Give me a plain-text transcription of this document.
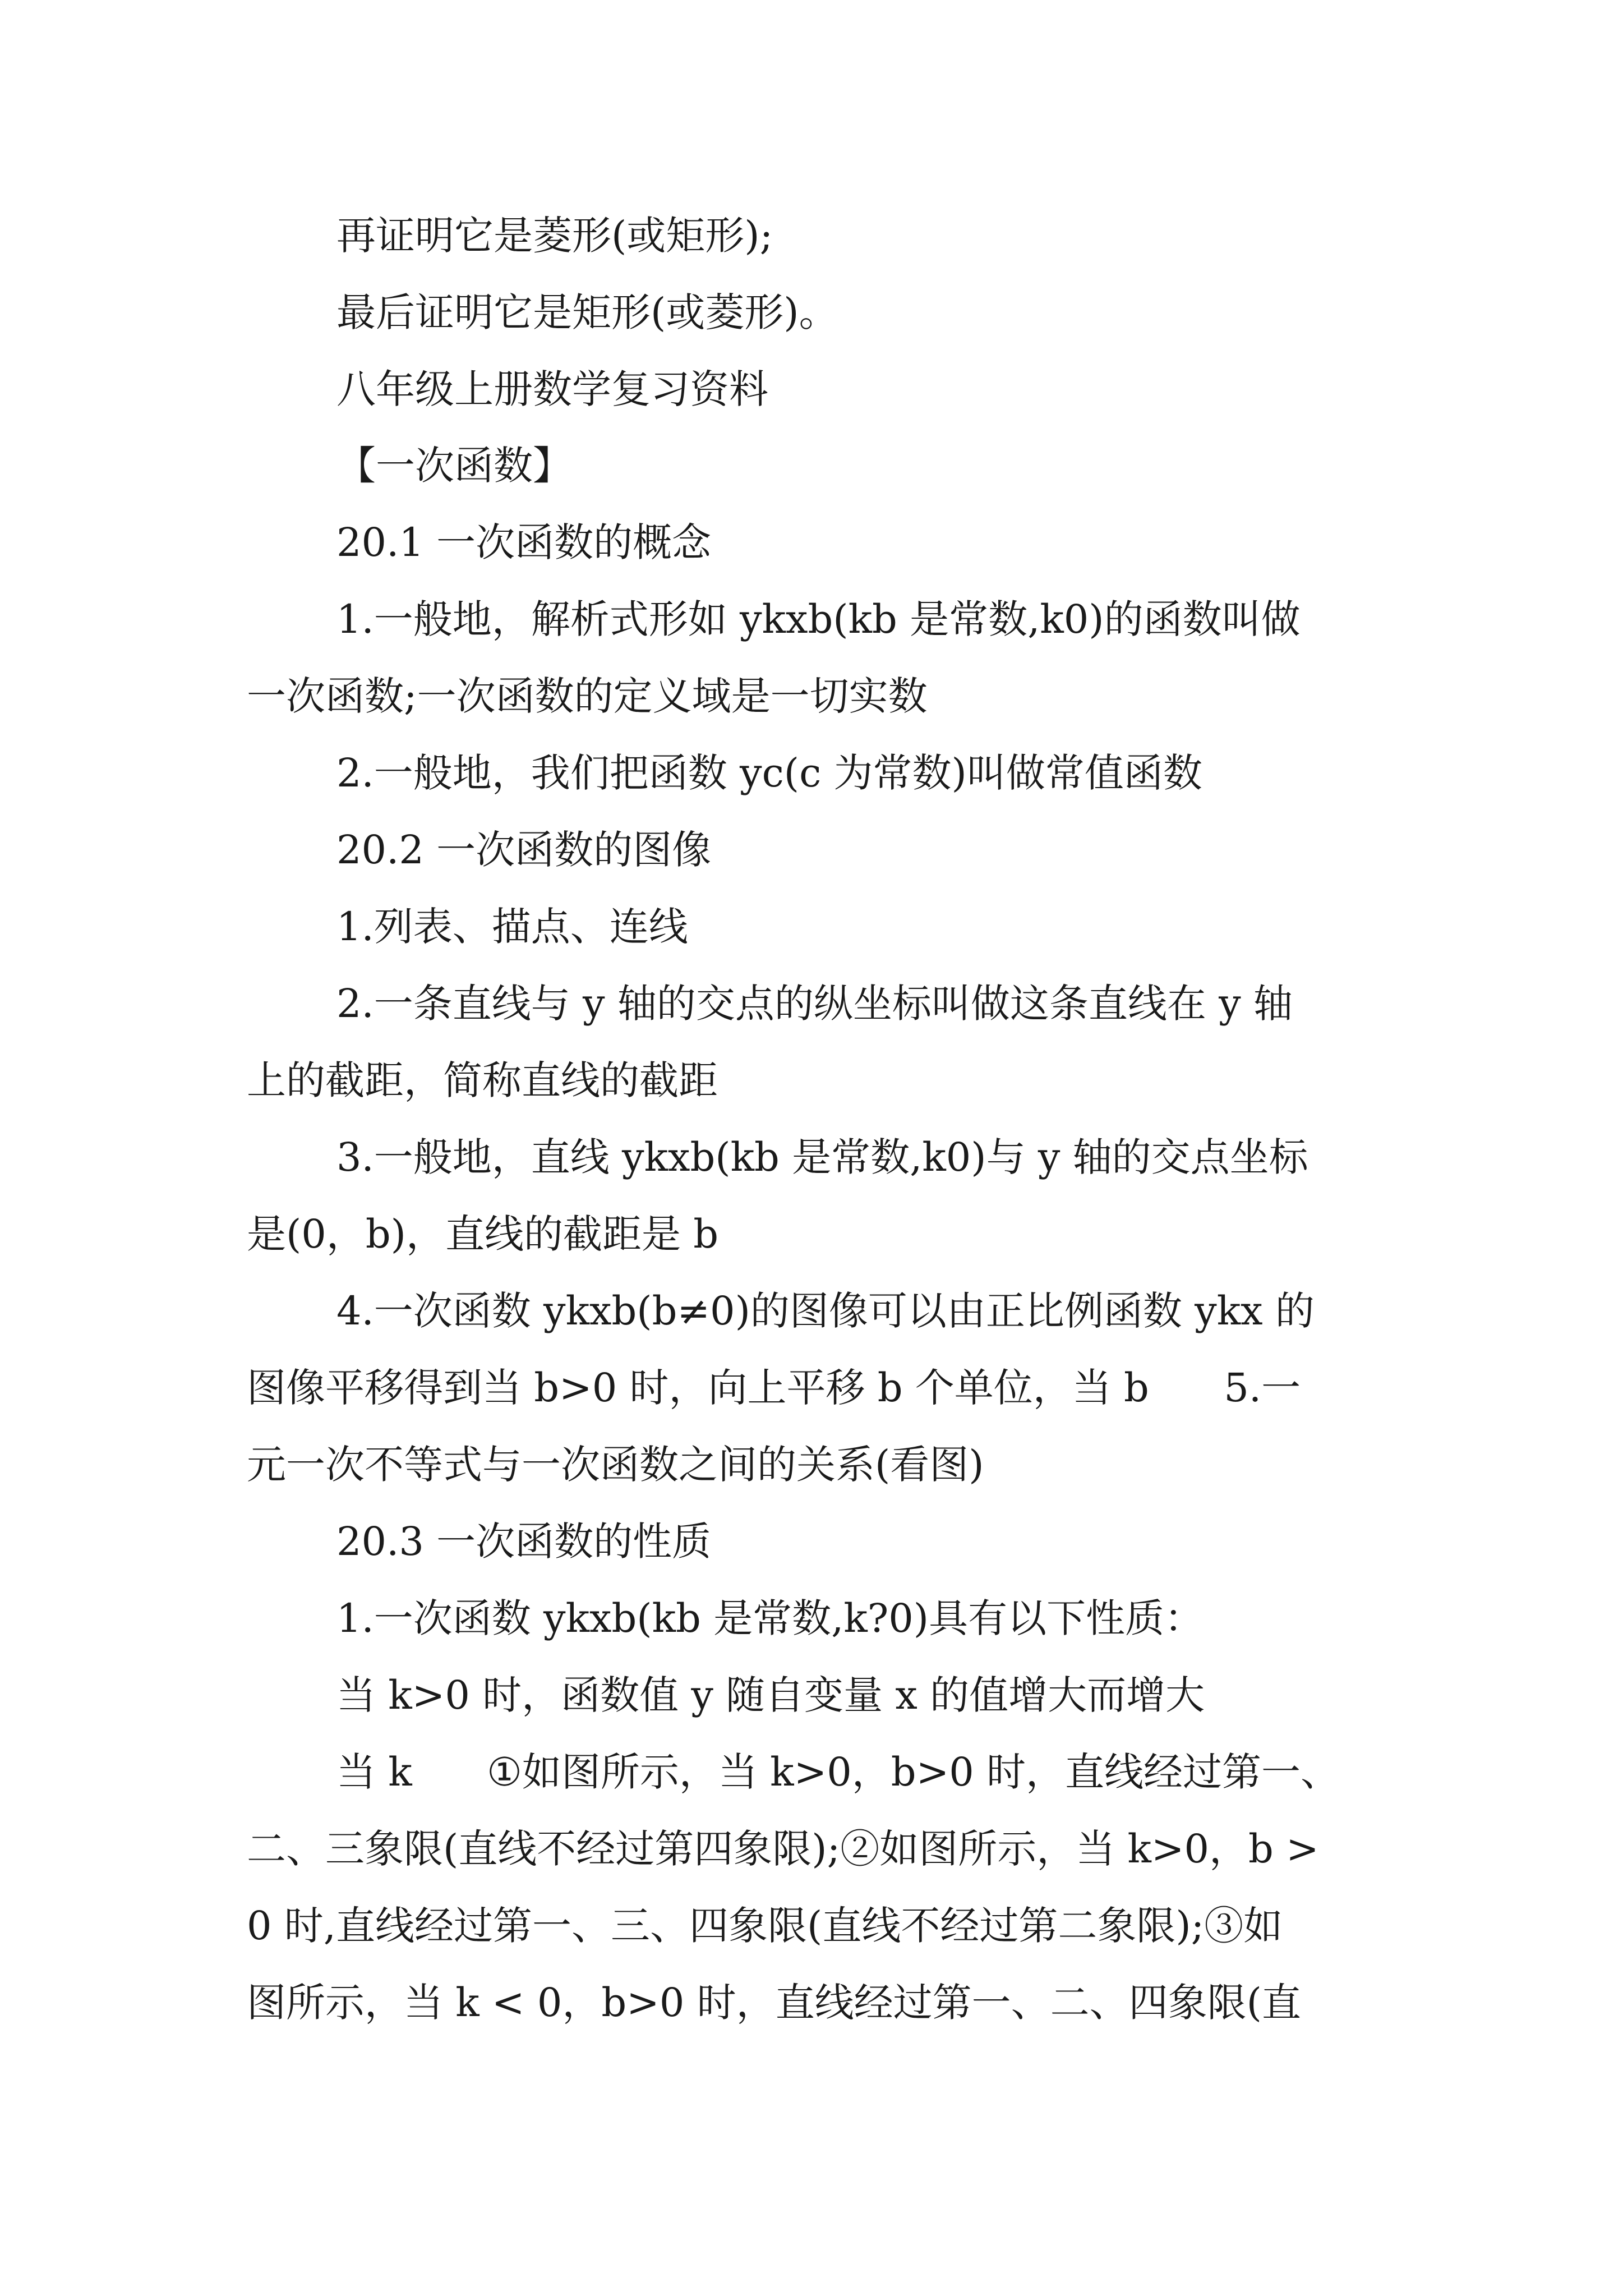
再证明它是菱形(或矩形);
最后证明它是矩形(或菱形)。
八年级上册数学复习资料
【一次函数】
20.1 一次函数的概念
1.一般地，解析式形如 ykxb(kb 是常数,k0)的函数叫做
一次函数;一次函数的定义域是一切实数
2.一般地，我们把函数 yc(c 为常数)叫做常值函数
20.2 一次函数的图像
1.列表、描点、连线
2.一条直线与 y 轴的交点的纵坐标叫做这条直线在 y 轴
上的截距，简称直线的截距
3.一般地，直线 ykxb(kb 是常数,k0)与 y 轴的交点坐标
是(0，b)，直线的截距是 b
4.一次函数 ykxb(b≠0)的图像可以由正比例函数 ykx 的
图像平移得到当 b>0 时，向上平移 b 个单位，当 b      5.一
元一次不等式与一次函数之间的关系(看图)
20.3 一次函数的性质
1.一次函数 ykxb(kb 是常数,k?0)具有以下性质：
当 k>0 时，函数值 y 随自变量 x 的值增大而增大
当 k      ①如图所示，当 k>0，b>0 时，直线经过第一、
二、三象限(直线不经过第四象限);②如图所示，当 k>0，b >
0 时,直线经过第一、三、四象限(直线不经过第二象限);③如
图所示，当 k < 0，b>0 时，直线经过第一、二、四象限(直
